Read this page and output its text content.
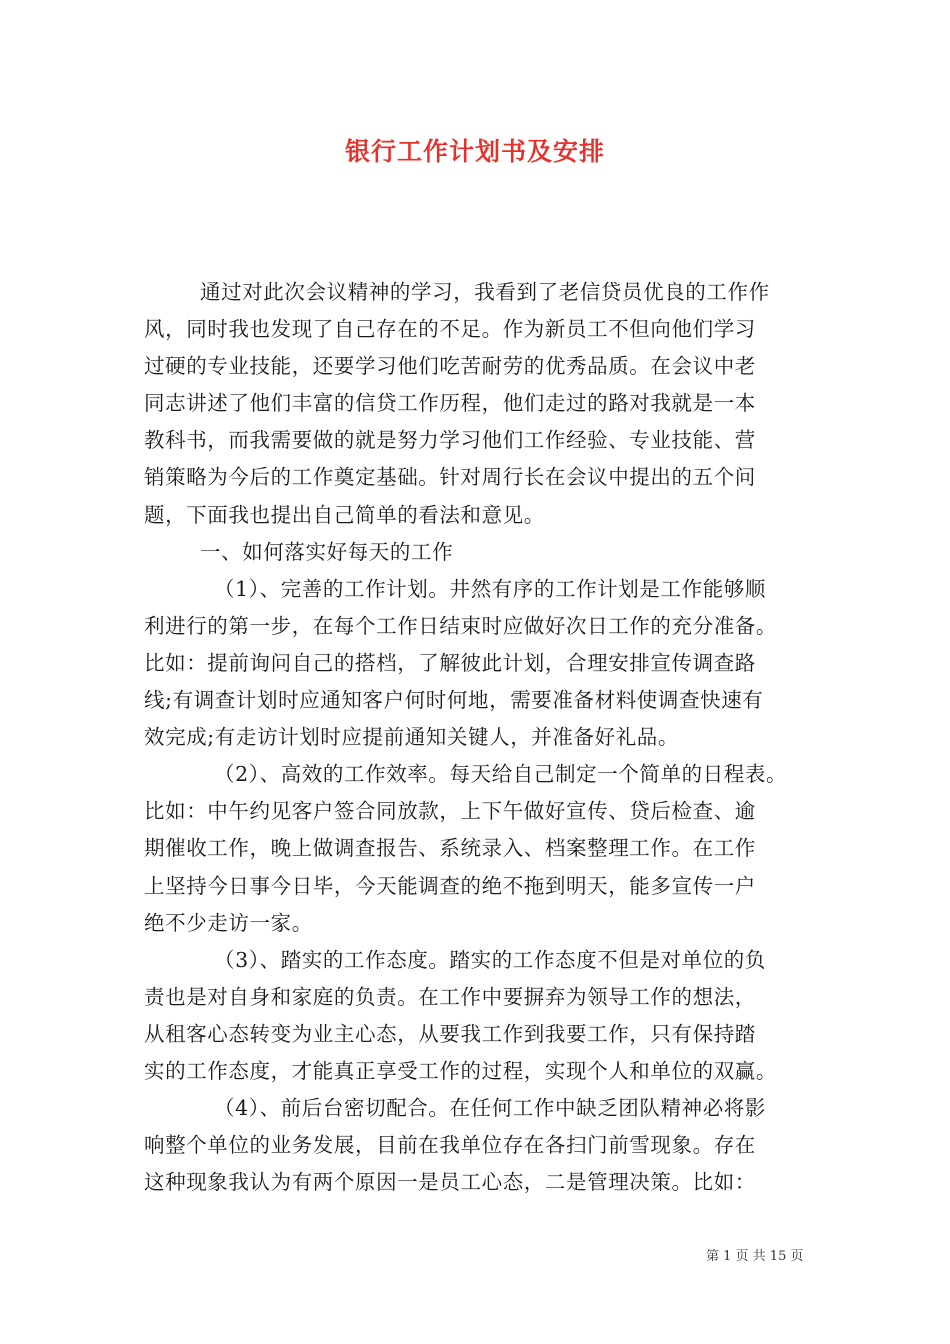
银行工作计划书及安排
通过对此次会议精神的学习，我看到了老信贷员优良的工作作
风，同时我也发现了自己存在的不足。作为新员工不但向他们学习
过硬的专业技能，还要学习他们吃苦耐劳的优秀品质。在会议中老
同志讲述了他们丰富的信贷工作历程，他们走过的路对我就是一本
教科书，而我需要做的就是努力学习他们工作经验、专业技能、营
销策略为今后的工作奠定基础。针对周行长在会议中提出的五个问
题，下面我也提出自己简单的看法和意见。
一、如何落实好每天的工作
（1）、完善的工作计划。井然有序的工作计划是工作能够顺
利进行的第一步，在每个工作日结束时应做好次日工作的充分准备。
比如：提前询问自己的搭档，了解彼此计划，合理安排宣传调查路
线;有调查计划时应通知客户何时何地，需要准备材料使调查快速有
效完成;有走访计划时应提前通知关键人，并准备好礼品。
（2）、高效的工作效率。每天给自己制定一个简单的日程表。
比如：中午约见客户签合同放款，上下午做好宣传、贷后检查、逾
期催收工作，晚上做调查报告、系统录入、档案整理工作。在工作
上坚持今日事今日毕，今天能调查的绝不拖到明天，能多宣传一户
绝不少走访一家。
（3）、踏实的工作态度。踏实的工作态度不但是对单位的负
责也是对自身和家庭的负责。在工作中要摒弃为领导工作的想法，
从租客心态转变为业主心态，从要我工作到我要工作，只有保持踏
实的工作态度，才能真正享受工作的过程，实现个人和单位的双赢。
（4）、前后台密切配合。在任何工作中缺乏团队精神必将影
响整个单位的业务发展，目前在我单位存在各扫门前雪现象。存在
这种现象我认为有两个原因一是员工心态，二是管理决策。比如：
第 1 页 共 15 页
